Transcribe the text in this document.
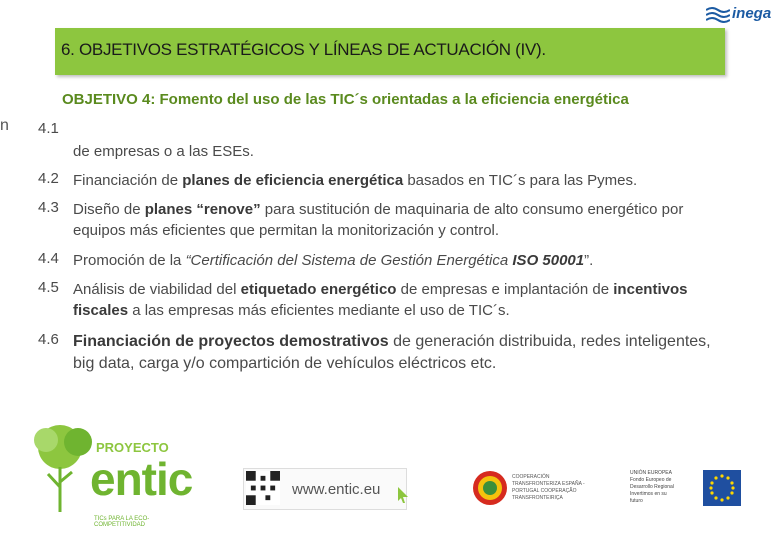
n
inega
6. OBJETIVOS ESTRATÉGICOS Y LÍNEAS DE ACTUACIÓN (IV).
OBJETIVO 4: Fomento del uso de las TIC´s orientadas a la eficiencia energética
4.1
de empresas o a las ESEs.
4.2 Financiación de planes de eficiencia energética basados en TIC´s para las Pymes.
4.3 Diseño de planes “renove” para sustitución de maquinaria de alto consumo energético por equipos más eficientes que permitan la monitorización y control.
4.4 Promoción de la “Certificación del Sistema de Gestión Energética ISO 50001”.
4.5 Análisis de viabilidad del etiquetado energético de empresas e implantación de incentivos fiscales a las empresas más eficientes mediante el uso de TIC´s.
4.6 Financiación de proyectos demostrativos de generación distribuida, redes inteligentes, big data, carga y/o compartición de vehículos eléctricos etc.
PROYECTO
entic
TICs PARA LA ECO-COMPETITIVIDAD
www.entic.eu
COOPERACIÓN TRANSFRONTERIZA ESPAÑA - PORTUGAL COOPERAÇÃO TRANSFRONTEIRIÇA
UNIÓN EUROPEA Fondo Europeo de Desarrollo Regional Invertimos en su futuro
